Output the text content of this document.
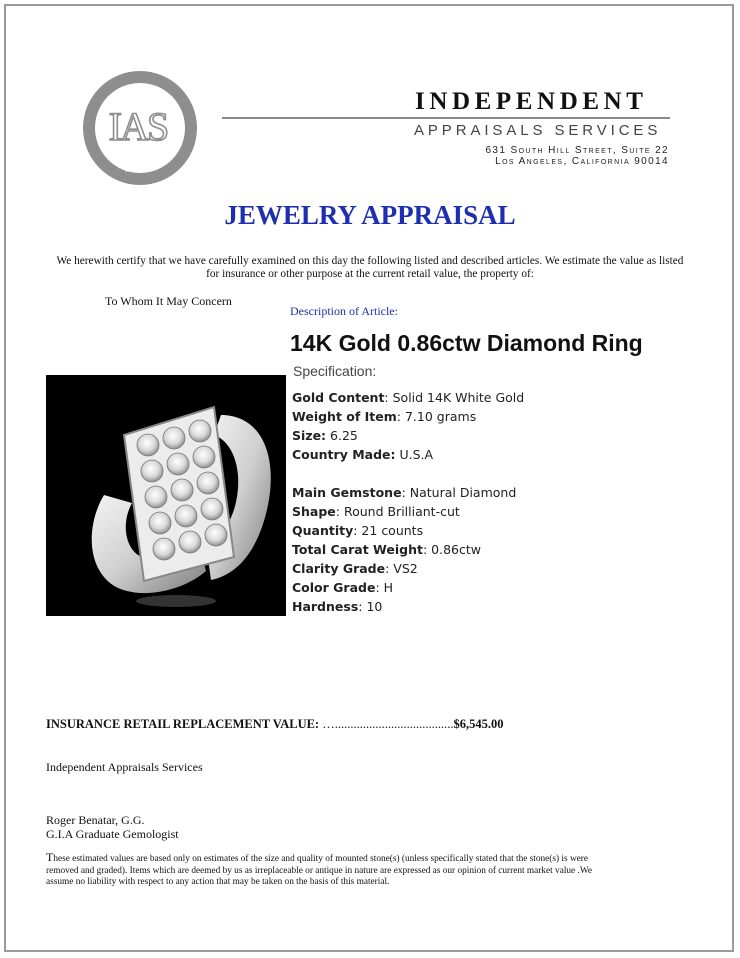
IAS
Appraisal
INDEPENDENT
APPRAISALS SERVICES
631 South Hill Street, Suite 22
Los Angeles, California 90014
JEWELRY APPRAISAL
We herewith certify that we have carefully examined on this day the following listed and described articles. We estimate the value as listed for insurance or other purpose at the current retail value, the property of:
To Whom It May Concern
Description of Article:
14K Gold 0.86ctw Diamond Ring
Specification:
Gold Content: Solid 14K White Gold
Weight of Item: 7.10 grams
Size: 6.25
Country Made: U.S.A
Main Gemstone: Natural Diamond
Shape: Round Brilliant-cut
Quantity: 21 counts
Total Carat Weight: 0.86ctw
Clarity Grade: VS2
Color Grade: H
Hardness: 10
INSURANCE RETAIL REPLACEMENT VALUE: …......................................$6,545.00
Independent Appraisals Services
Roger Benatar, G.G.
G.I.A Graduate Gemologist
These estimated values are based only on estimates of the size and quality of mounted stone(s) (unless specifically stated that the stone(s) is were removed and graded). Items which are deemed by us as irreplaceable or antique in nature are expressed as our opinion of current market value .We assume no liability with respect to any action that may be taken on the basis of this material.
